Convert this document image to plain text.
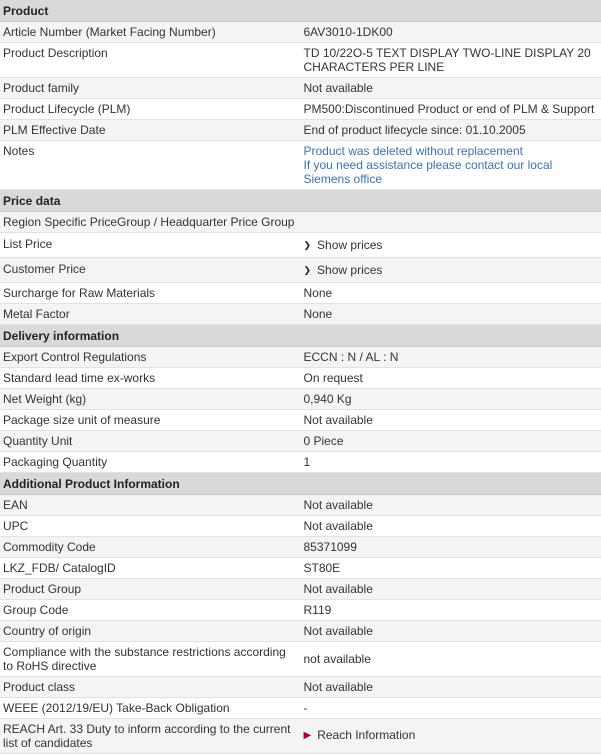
Product	
Article Number (Market Facing Number)	6AV3010-1DK00
Product Description	TD 10/22O-5 TEXT DISPLAY TWO-LINE DISPLAY 20 CHARACTERS PER LINE
Product family	Not available
Product Lifecycle (PLM)	PM500:Discontinued Product or end of PLM & Support
PLM Effective Date	End of product lifecycle since: 01.10.2005
Notes	Product was deleted without replacement
If you need assistance please contact our local Siemens office

Price data	
Region Specific PriceGroup / Headquarter Price Group	
List Price	❯ Show prices
Customer Price	❯ Show prices
Surcharge for Raw Materials	None
Metal Factor	None
Delivery information	
Export Control Regulations	ECCN : N / AL : N
Standard lead time ex-works	On request
Net Weight (kg)	0,940 Kg
Package size unit of measure	Not available
Quantity Unit	0 Piece
Packaging Quantity	1
Additional Product Information	
EAN	Not available
UPC	Not available
Commodity Code	85371099
LKZ_FDB/ CatalogID	ST80E
Product Group	Not available
Group Code	R119
Country of origin	Not available
Compliance with the substance restrictions according to RoHS directive	not available
Product class	Not available
WEEE (2012/19/EU) Take-Back Obligation	-
REACH Art. 33 Duty to inform according to the current list of candidates	▶ Reach Information
